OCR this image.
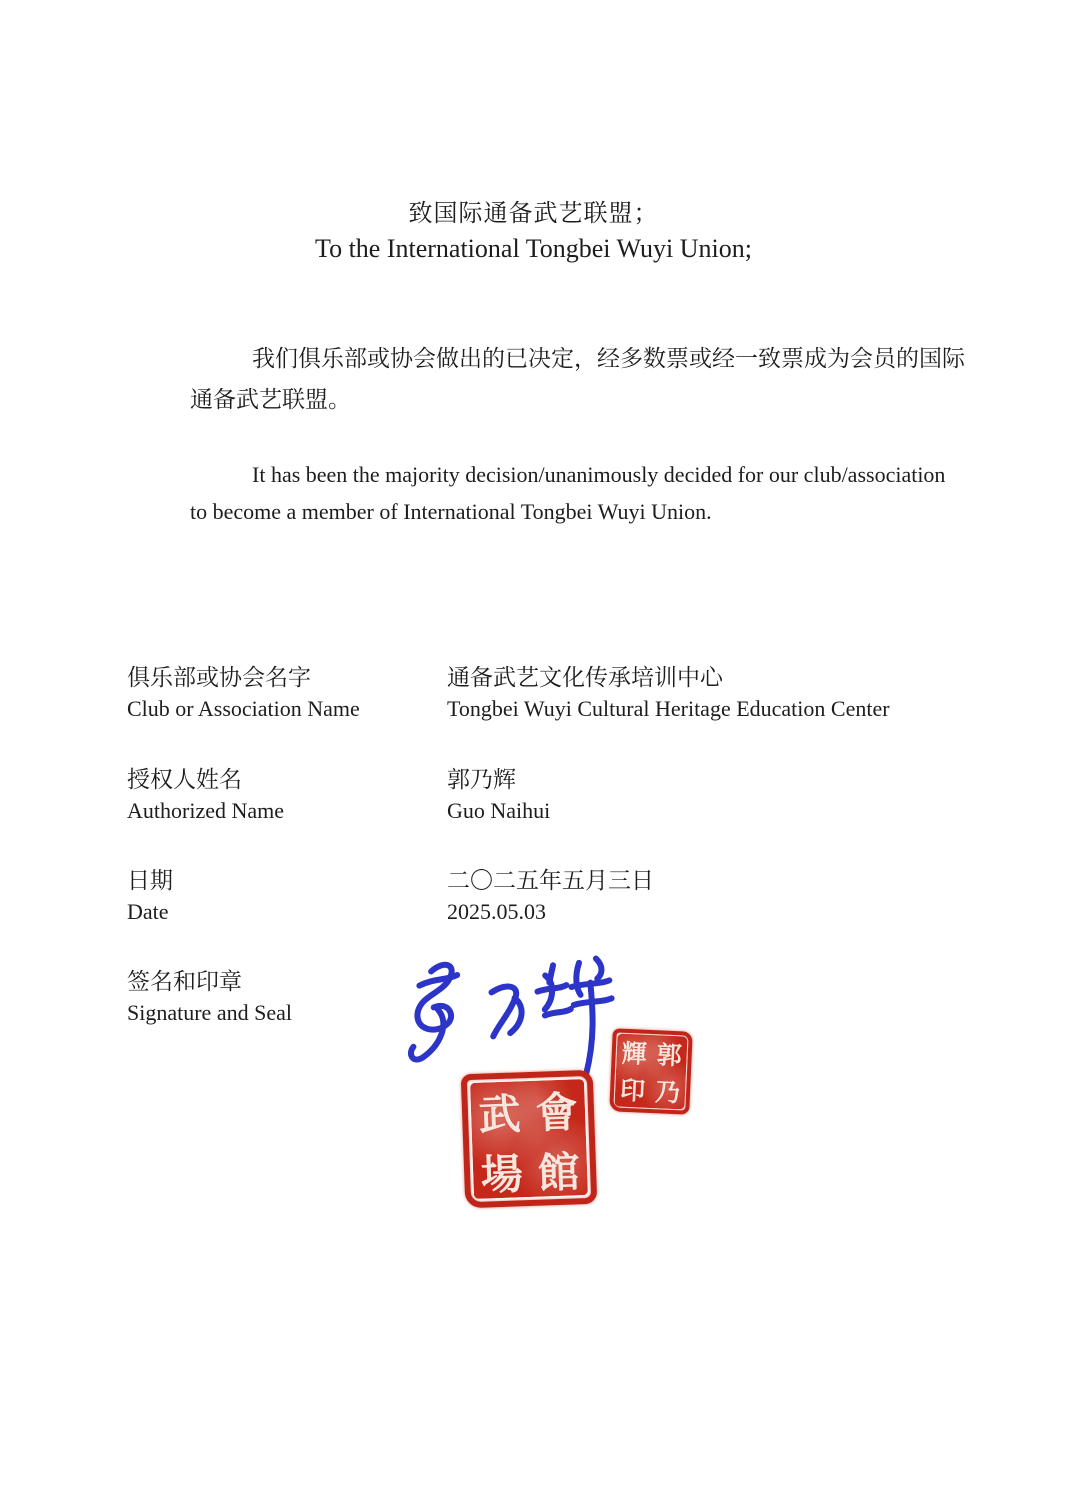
致国际通备武艺联盟；
To the International Tongbei Wuyi Union;
我们俱乐部或协会做出的已决定，经多数票或经一致票成为会员的国际
通备武艺联盟。
It has been the majority decision/unanimously decided for our club/association
to become a member of International Tongbei Wuyi Union.
俱乐部或协会名字
Club or Association Name
通备武艺文化传承培训中心
Tongbei Wuyi Cultural Heritage Education Center
授权人姓名
Authorized Name
郭乃辉
Guo Naihui
日期
Date
二〇二五年五月三日
2025.05.03
签名和印章
Signature and Seal
輝 郭
印 乃
武 會
場 館
